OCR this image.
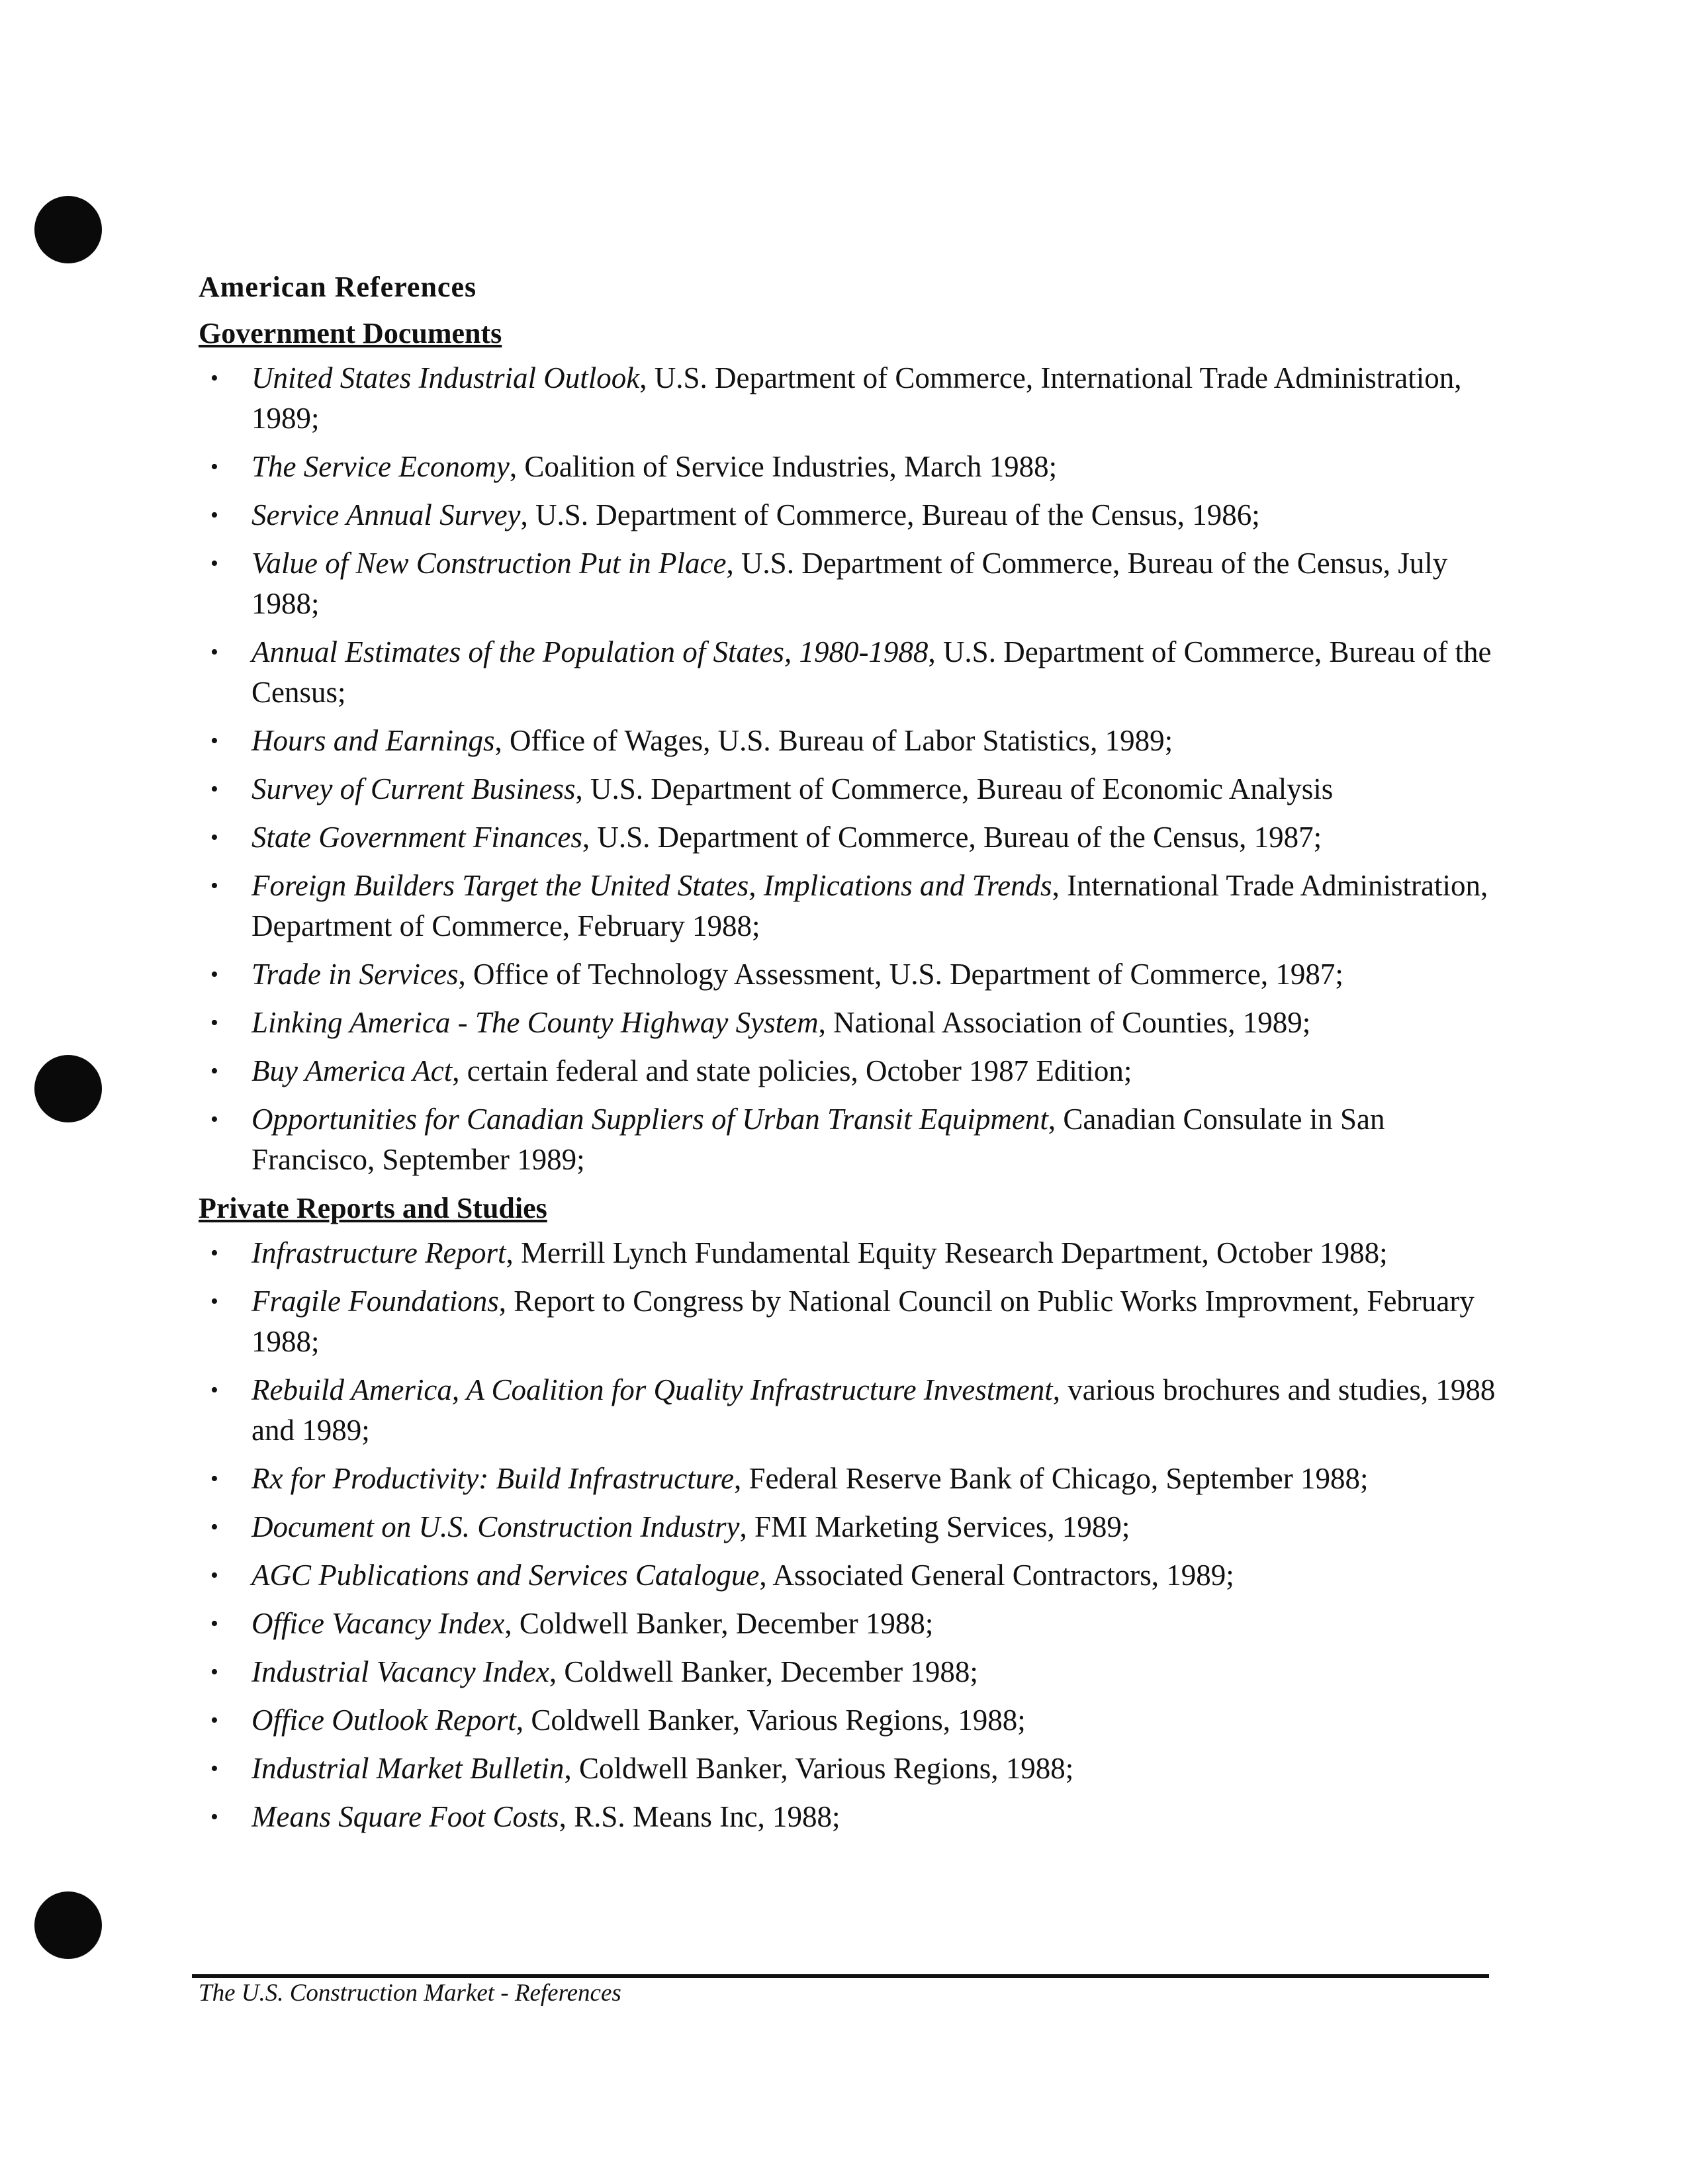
American References
Government Documents
• United States Industrial Outlook, U.S. Department of Commerce, International Trade Administration, 1989;
• The Service Economy, Coalition of Service Industries, March 1988;
• Service Annual Survey, U.S. Department of Commerce, Bureau of the Census, 1986;
• Value of New Construction Put in Place, U.S. Department of Commerce, Bureau of the Census, July 1988;
• Annual Estimates of the Population of States, 1980-1988, U.S. Department of Commerce, Bureau of the Census;
• Hours and Earnings, Office of Wages, U.S. Bureau of Labor Statistics, 1989;
• Survey of Current Business, U.S. Department of Commerce, Bureau of Economic Analysis
• State Government Finances, U.S. Department of Commerce, Bureau of the Census, 1987;
• Foreign Builders Target the United States, Implications and Trends, International Trade Administration, Department of Commerce, February 1988;
• Trade in Services, Office of Technology Assessment, U.S. Department of Commerce, 1987;
• Linking America - The County Highway System, National Association of Counties, 1989;
• Buy America Act, certain federal and state policies, October 1987 Edition;
• Opportunities for Canadian Suppliers of Urban Transit Equipment, Canadian Consulate in San Francisco, September 1989;
Private Reports and Studies
• Infrastructure Report, Merrill Lynch Fundamental Equity Research Department, October 1988;
• Fragile Foundations, Report to Congress by National Council on Public Works Improvment, February 1988;
• Rebuild America, A Coalition for Quality Infrastructure Investment, various brochures and studies, 1988 and 1989;
• Rx for Productivity: Build Infrastructure, Federal Reserve Bank of Chicago, September 1988;
• Document on U.S. Construction Industry, FMI Marketing Services, 1989;
• AGC Publications and Services Catalogue, Associated General Contractors, 1989;
• Office Vacancy Index, Coldwell Banker, December 1988;
• Industrial Vacancy Index, Coldwell Banker, December 1988;
• Office Outlook Report, Coldwell Banker, Various Regions, 1988;
• Industrial Market Bulletin, Coldwell Banker, Various Regions, 1988;
• Means Square Foot Costs, R.S. Means Inc, 1988;
The U.S. Construction Market - References
